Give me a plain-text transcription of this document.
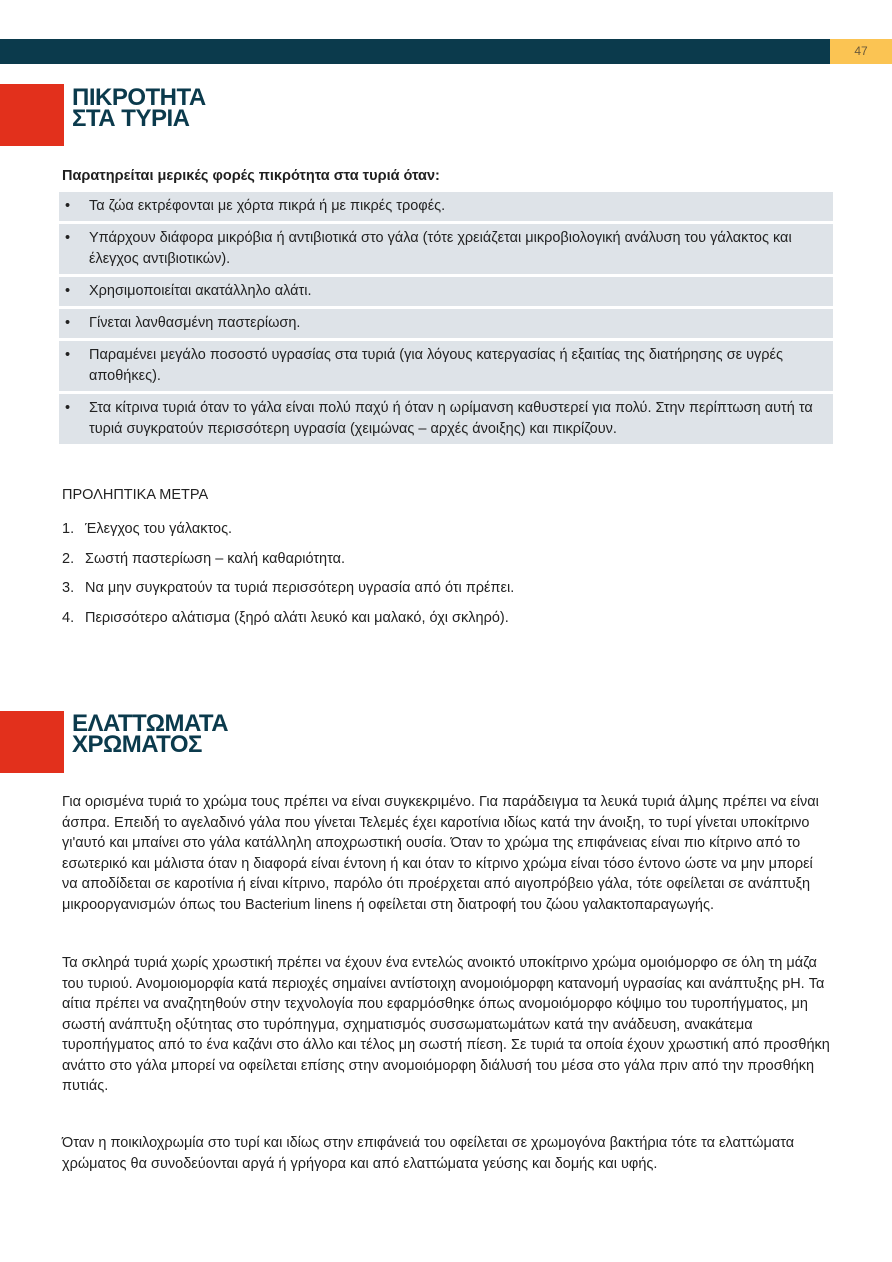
47
ΠΙΚΡΟΤΗΤΑ
ΣΤΑ ΤΥΡΙΑ
Παρατηρείται μερικές φορές πικρότητα στα τυριά όταν:
• Τα ζώα εκτρέφονται με χόρτα πικρά ή με πικρές τροφές.
• Υπάρχουν διάφορα μικρόβια ή αντιβιοτικά στο γάλα (τότε χρειάζεται μικροβιολογική ανάλυση του γάλακτος και έλεγχος αντιβιοτικών).
• Χρησιμοποιείται ακατάλληλο αλάτι.
• Γίνεται λανθασμένη παστερίωση.
• Παραμένει μεγάλο ποσοστό υγρασίας στα τυριά (για λόγους κατεργασίας ή εξαιτίας της διατήρησης σε υγρές αποθήκες).
• Στα κίτρινα τυριά όταν το γάλα είναι πολύ παχύ ή όταν η ωρίμανση καθυστερεί για πολύ. Στην περίπτωση αυτή τα τυριά συγκρατούν περισσότερη υγρασία (χειμώνας – αρχές άνοιξης) και πικρίζουν.
ΠΡΟΛΗΠΤΙΚΑ ΜΕΤΡΑ
1. Έλεγχος του γάλακτος.
2. Σωστή παστερίωση – καλή καθαριότητα.
3. Να μην συγκρατούν τα τυριά περισσότερη υγρασία από ότι πρέπει.
4. Περισσότερο αλάτισμα (ξηρό αλάτι λευκό και μαλακό, όχι σκληρό).
ΕΛΑΤΤΩΜΑΤΑ
ΧΡΩΜΑΤΟΣ

Για ορισμένα τυριά το χρώμα τους πρέπει να είναι συγκεκριμένο. Για παράδειγμα τα λευκά τυριά άλμης πρέπει να είναι άσπρα. Επειδή το αγελαδινό γάλα που γίνεται Τελεμές έχει καροτίνια ιδίως κατά την άνοιξη, το τυρί γίνεται υποκίτρινο γι'αυτό και μπαίνει στο γάλα κατάλληλη αποχρωστική ουσία. Όταν το χρώμα της επιφάνειας είναι πιο κίτρινο από το εσωτερικό και μάλιστα όταν η διαφορά είναι έντονη ή και όταν το κίτρινο χρώμα είναι τόσο έντονο ώστε να μην μπορεί να αποδίδεται σε καροτίνια ή είναι κίτρινο, παρόλο ότι προέρχεται από αιγοπρόβειο γάλα, τότε οφείλεται σε ανάπτυξη μικροοργανισμών όπως του Bacterium linens ή οφείλεται στη διατροφή του ζώου γαλακτοπαραγωγής.

Τα σκληρά τυριά χωρίς χρωστική πρέπει να έχουν ένα εντελώς ανοικτό υποκίτρινο χρώμα ομοιόμορφο σε όλη τη μάζα του τυριού. Ανομοιομορφία κατά περιοχές σημαίνει αντίστοιχη ανομοιόμορφη κατανομή υγρασίας και ανάπτυξης pH. Τα αίτια πρέπει να αναζητηθούν στην τεχνολογία που εφαρμόσθηκε όπως ανομοιόμορφο κόψιμο του τυροπήγματος, μη σωστή ανάπτυξη οξύτητας στο τυρόπηγμα, σχηματισμός συσσωματωμάτων κατά την ανάδευση, ανακάτεμα τυροπήγματος από το ένα καζάνι στο άλλο και τέλος μη σωστή πίεση. Σε τυριά τα οποία έχουν χρωστική από προσθήκη ανάττο στο γάλα μπορεί να οφείλεται επίσης στην ανομοιόμορφη διάλυσή του μέσα στο γάλα πριν από την προσθήκη πυτιάς.

Όταν η ποικιλοχρωμία στο τυρί και ιδίως στην επιφάνειά του οφείλεται σε χρωμογόνα βακτήρια τότε τα ελαττώματα χρώματος θα συνοδεύονται αργά ή γρήγορα και από ελαττώματα γεύσης και δομής και υφής.
